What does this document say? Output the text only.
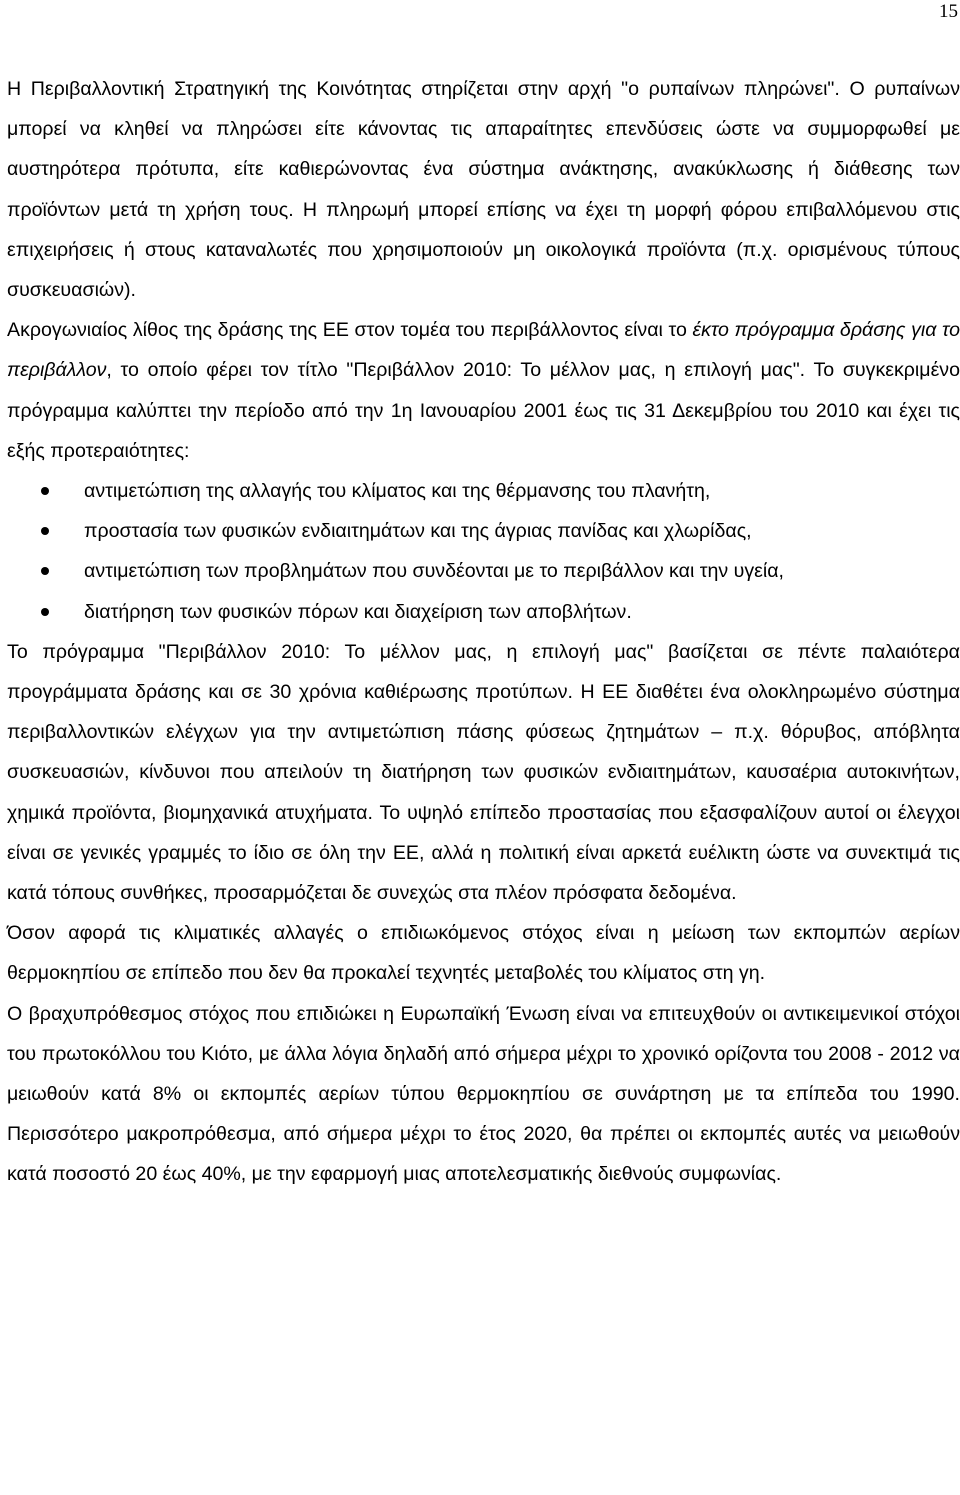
15

Η Περιβαλλοντική Στρατηγική της Κοινότητας στηρίζεται στην αρχή "ο ρυπαίνων πληρώνει". Ο ρυπαίνων μπορεί να κληθεί να πληρώσει είτε κάνοντας τις απαραίτητες επενδύσεις ώστε να συμμορφωθεί με αυστηρότερα πρότυπα, είτε καθιερώνοντας ένα σύστημα ανάκτησης, ανακύκλωσης ή διάθεσης των προϊόντων μετά τη χρήση τους. Η πληρωμή μπορεί επίσης να έχει τη μορφή φόρου επιβαλλόμενου στις επιχειρήσεις ή στους καταναλωτές που χρησιμοποιούν μη οικολογικά προϊόντα (π.χ. ορισμένους τύπους συσκευασιών).

Ακρογωνιαίος λίθος της δράσης της ΕΕ στον τομέα του περιβάλλοντος είναι το έκτο πρόγραμμα δράσης για το περιβάλλον, το οποίο φέρει τον τίτλο "Περιβάλλον 2010: Το μέλλον μας, η επιλογή μας". Το συγκεκριμένο πρόγραμμα καλύπτει την περίοδο από την 1η Ιανουαρίου 2001 έως τις 31 Δεκεμβρίου του 2010 και έχει τις εξής προτεραιότητες:

αντιμετώπιση της αλλαγής του κλίματος και της θέρμανσης του πλανήτη,
προστασία των φυσικών ενδιαιτημάτων και της άγριας πανίδας και χλωρίδας,
αντιμετώπιση των προβλημάτων που συνδέονται με το περιβάλλον και την υγεία,
διατήρηση των φυσικών πόρων και διαχείριση των αποβλήτων.

Το πρόγραμμα "Περιβάλλον 2010: Το μέλλον μας, η επιλογή μας" βασίζεται σε πέντε παλαιότερα προγράμματα δράσης και σε 30 χρόνια καθιέρωσης προτύπων. Η ΕΕ διαθέτει ένα ολοκληρωμένο σύστημα περιβαλλοντικών ελέγχων για την αντιμετώπιση πάσης φύσεως ζητημάτων – π.χ. θόρυβος, απόβλητα συσκευασιών, κίνδυνοι που απειλούν τη διατήρηση των φυσικών ενδιαιτημάτων, καυσαέρια αυτοκινήτων, χημικά προϊόντα, βιομηχανικά ατυχήματα. Το υψηλό επίπεδο προστασίας που εξασφαλίζουν αυτοί οι έλεγχοι είναι σε γενικές γραμμές το ίδιο σε όλη την ΕΕ, αλλά η πολιτική είναι αρκετά ευέλικτη ώστε να συνεκτιμά τις κατά τόπους συνθήκες, προσαρμόζεται δε συνεχώς στα πλέον πρόσφατα δεδομένα.

Όσον αφορά τις κλιματικές αλλαγές ο επιδιωκόμενος στόχος είναι η μείωση των εκπομπών αερίων θερμοκηπίου σε επίπεδο που δεν θα προκαλεί τεχνητές μεταβολές του κλίματος στη γη.

Ο βραχυπρόθεσμος στόχος που επιδιώκει η Ευρωπαϊκή Ένωση είναι να επιτευχθούν οι αντικειμενικοί στόχοι του πρωτοκόλλου του Κιότο, με άλλα λόγια δηλαδή από σήμερα μέχρι το χρονικό ορίζοντα του 2008 - 2012 να μειωθούν κατά 8% οι εκπομπές αερίων τύπου θερμοκηπίου σε συνάρτηση με τα επίπεδα του 1990. Περισσότερο μακροπρόθεσμα, από σήμερα μέχρι το έτος 2020, θα πρέπει οι εκπομπές αυτές να μειωθούν κατά ποσοστό 20 έως 40%, με την εφαρμογή μιας αποτελεσματικής διεθνούς συμφωνίας.
